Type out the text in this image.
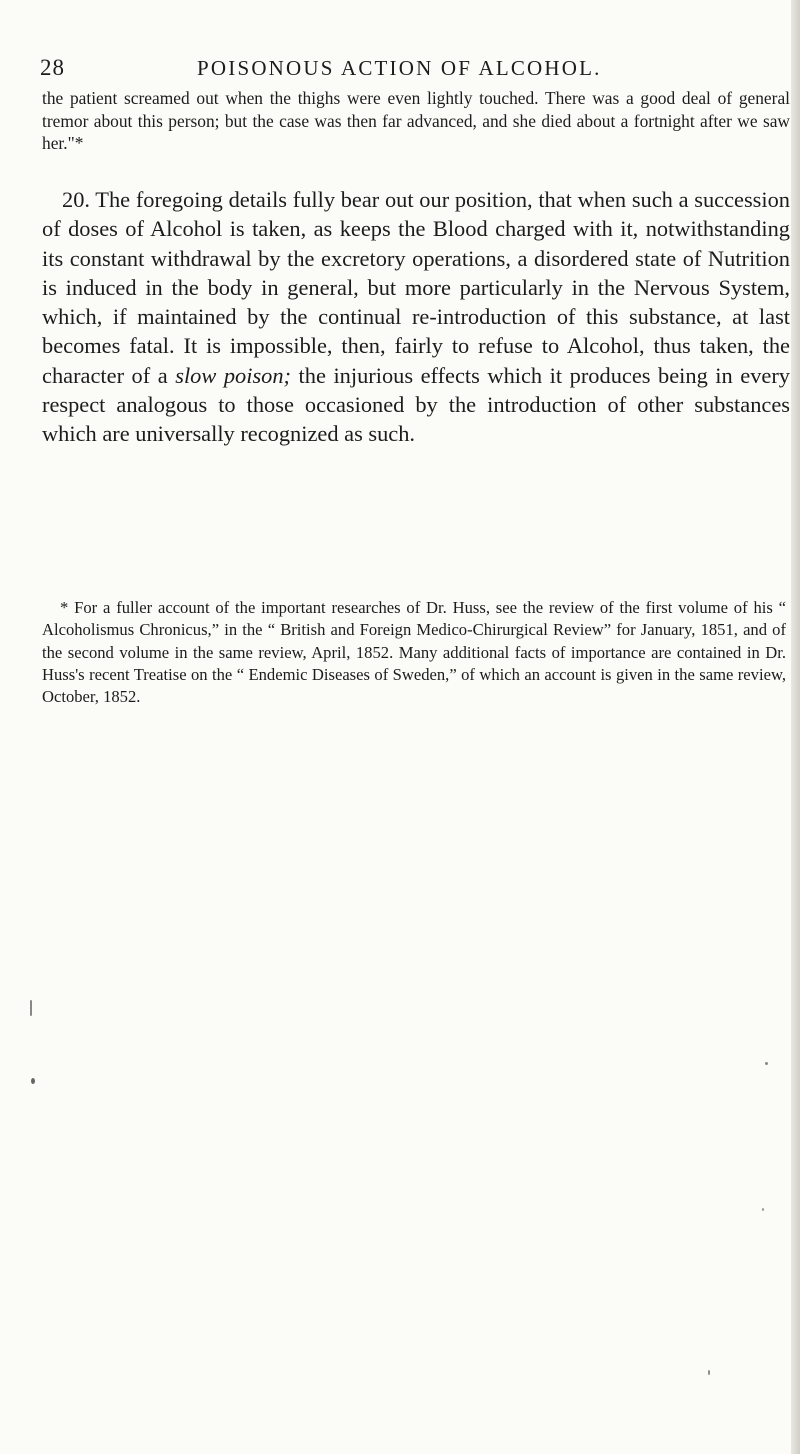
28	POISONOUS ACTION OF ALCOHOL.

the patient screamed out when the thighs were even lightly touched. There was a good deal of general tremor about this person; but the case was then far advanced, and she died about a fortnight after we saw her."*

20. The foregoing details fully bear out our position, that when such a succession of doses of Alcohol is taken, as keeps the Blood charged with it, notwithstanding its constant withdrawal by the excretory operations, a disordered state of Nutrition is induced in the body in general, but more particularly in the Nervous System, which, if maintained by the continual re-introduction of this substance, at last becomes fatal. It is impossible, then, fairly to refuse to Alcohol, thus taken, the character of a slow poison; the injurious effects which it produces being in every respect analogous to those occasioned by the introduction of other substances which are universally recognized as such.

* For a fuller account of the important researches of Dr. Huss, see the review of the first volume of his “ Alcoholismus Chronicus,” in the “ British and Foreign Medico-Chirurgical Review” for January, 1851, and of the second volume in the same review, April, 1852. Many additional facts of importance are contained in Dr. Huss's recent Treatise on the “ Endemic Diseases of Sweden,” of which an account is given in the same review, October, 1852.
